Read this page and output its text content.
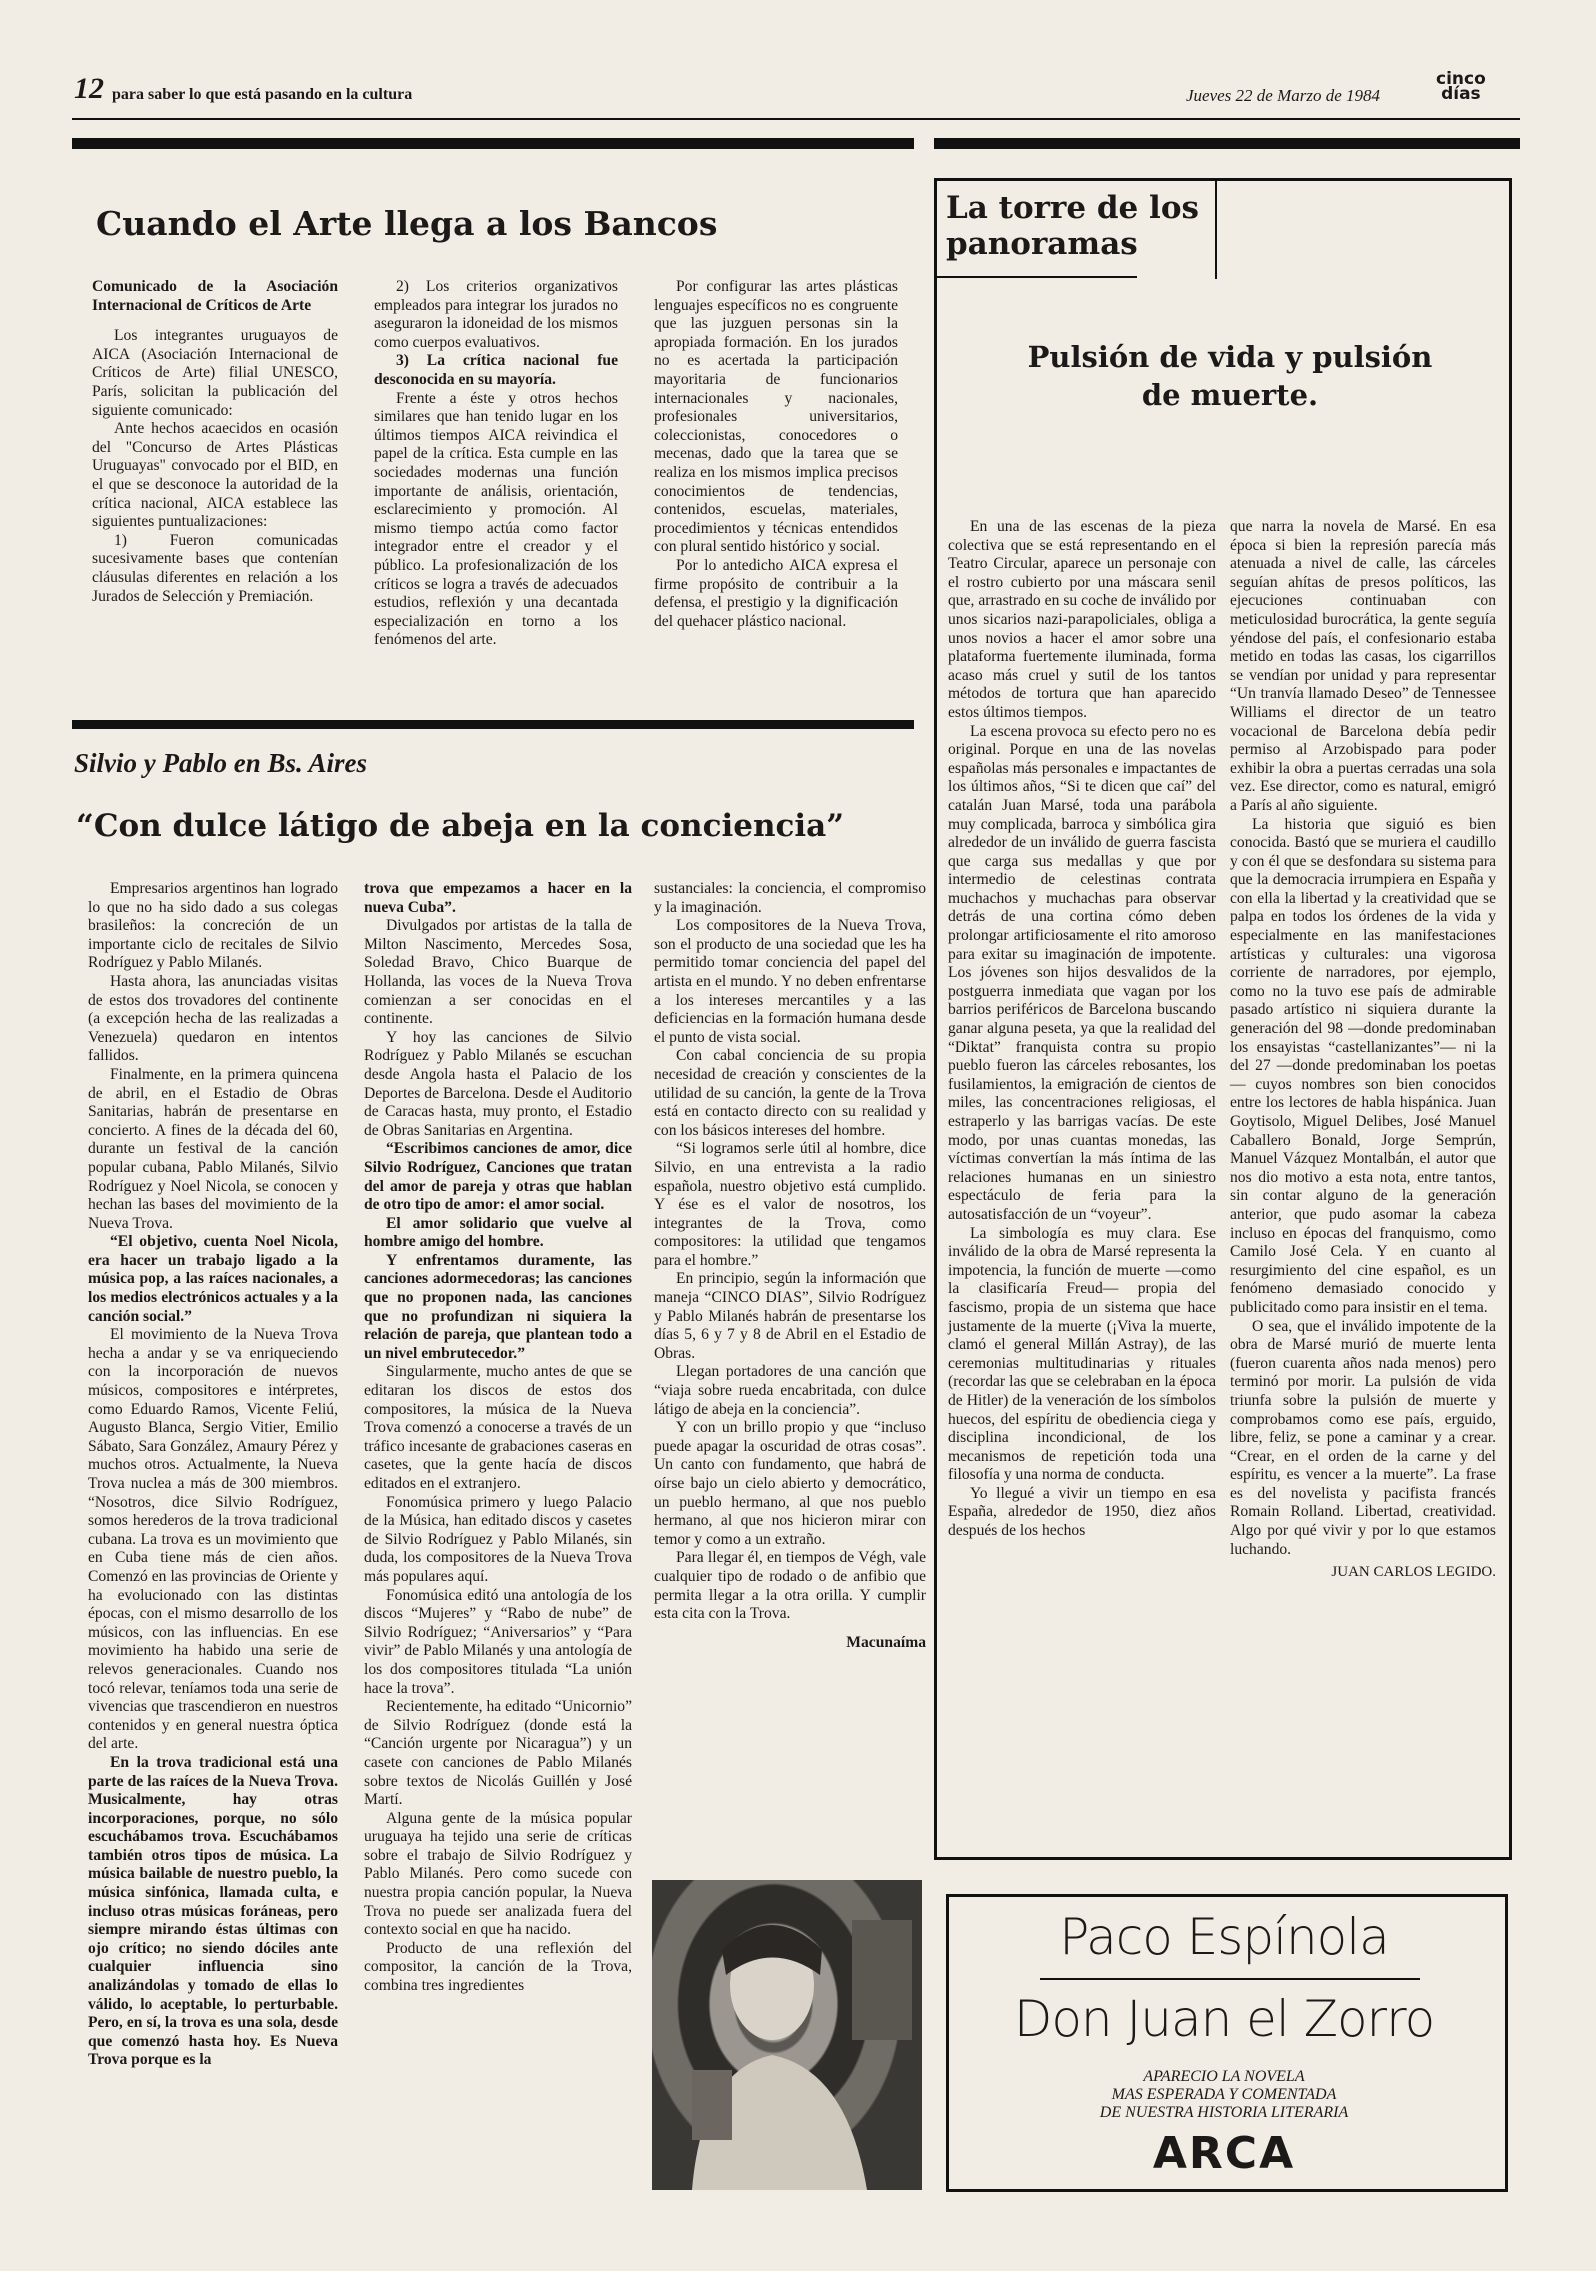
12 para saber lo que está pasando en la cultura	Jueves 22 de Marzo de 1984
cinco
días
Cuando el Arte llega a los Bancos

Comunicado de la Asociación Internacional de Críticos de Arte

Los integrantes uruguayos de AICA (Asociación Internacional de Críticos de Arte) filial UNESCO, París, solicitan la publicación del siguiente comunicado:

Ante hechos acaecidos en ocasión del "Concurso de Artes Plásticas Uruguayas" convocado por el BID, en el que se desconoce la autoridad de la crítica nacional, AICA establece las siguientes puntualizaciones:

1) Fueron comunicadas sucesivamente bases que contenían cláusulas diferentes en relación a los Jurados de Selección y Premiación.

2) Los criterios organizativos empleados para integrar los jurados no aseguraron la idoneidad de los mismos como cuerpos evaluativos.

3) La crítica nacional fue desconocida en su mayoría.

Frente a éste y otros hechos similares que han tenido lugar en los últimos tiempos AICA reivindica el papel de la crítica. Esta cumple en las sociedades modernas una función importante de análisis, orientación, esclarecimiento y promoción. Al mismo tiempo actúa como factor integrador entre el creador y el público. La profesionalización de los críticos se logra a través de adecuados estudios, reflexión y una decantada especialización en torno a los fenómenos del arte.

Por configurar las artes plásticas lenguajes específicos no es congruente que las juzguen personas sin la apropiada formación. En los jurados no es acertada la participación mayoritaria de funcionarios internacionales y nacionales, profesionales universitarios, coleccionistas, conocedores o mecenas, dado que la tarea que se realiza en los mismos implica precisos conocimientos de tendencias, contenidos, escuelas, materiales, procedimientos y técnicas entendidos con plural sentido histórico y social.

Por lo antedicho AICA expresa el firme propósito de contribuir a la defensa, el prestigio y la dignificación del quehacer plástico nacional.

Silvio y Pablo en Bs. Aires
“Con dulce látigo de abeja en la conciencia”

Empresarios argentinos han logrado lo que no ha sido dado a sus colegas brasileños: la concreción de un importante ciclo de recitales de Silvio Rodríguez y Pablo Milanés.

Hasta ahora, las anunciadas visitas de estos dos trovadores del continente (a excepción hecha de las realizadas a Venezuela) quedaron en intentos fallidos.

Finalmente, en la primera quincena de abril, en el Estadio de Obras Sanitarias, habrán de presentarse en concierto. A fines de la década del 60, durante un festival de la canción popular cubana, Pablo Milanés, Silvio Rodríguez y Noel Nicola, se conocen y hechan las bases del movimiento de la Nueva Trova.

“El objetivo, cuenta Noel Nicola, era hacer un trabajo ligado a la música pop, a las raíces nacionales, a los medios electrónicos actuales y a la canción social.”

El movimiento de la Nueva Trova hecha a andar y se va enriqueciendo con la incorporación de nuevos músicos, compositores e intérpretes, como Eduardo Ramos, Vicente Feliú, Augusto Blanca, Sergio Vitier, Emilio Sábato, Sara González, Amaury Pérez y muchos otros. Actualmente, la Nueva Trova nuclea a más de 300 miembros. “Nosotros, dice Silvio Rodríguez, somos herederos de la trova tradicional cubana. La trova es un movimiento que en Cuba tiene más de cien años. Comenzó en las provincias de Oriente y ha evolucionado con las distintas épocas, con el mismo desarrollo de los músicos, con las influencias. En ese movimiento ha habido una serie de relevos generacionales. Cuando nos tocó relevar, teníamos toda una serie de vivencias que trascendieron en nuestros contenidos y en general nuestra óptica del arte.

En la trova tradicional está una parte de las raíces de la Nueva Trova. Musicalmente, hay otras incorporaciones, porque, no sólo escuchábamos trova. Escuchábamos también otros tipos de música. La música bailable de nuestro pueblo, la música sinfónica, llamada culta, e incluso otras músicas foráneas, pero siempre mirando éstas últimas con ojo crítico; no siendo dóciles ante cualquier influencia sino analizándolas y tomado de ellas lo válido, lo aceptable, lo perturbable. Pero, en sí, la trova es una sola, desde que comenzó hasta hoy. Es Nueva Trova porque es la

trova que empezamos a hacer en la nueva Cuba”.

Divulgados por artistas de la talla de Milton Nascimento, Mercedes Sosa, Soledad Bravo, Chico Buarque de Hollanda, las voces de la Nueva Trova comienzan a ser conocidas en el continente.

Y hoy las canciones de Silvio Rodríguez y Pablo Milanés se escuchan desde Angola hasta el Palacio de los Deportes de Barcelona. Desde el Auditorio de Caracas hasta, muy pronto, el Estadio de Obras Sanitarias en Argentina.

“Escribimos canciones de amor, dice Silvio Rodríguez, Canciones que tratan del amor de pareja y otras que hablan de otro tipo de amor: el amor social.

El amor solidario que vuelve al hombre amigo del hombre.

Y enfrentamos duramente, las canciones adormecedoras; las canciones que no proponen nada, las canciones que no profundizan ni siquiera la relación de pareja, que plantean todo a un nivel embrutecedor.”

Singularmente, mucho antes de que se editaran los discos de estos dos compositores, la música de la Nueva Trova comenzó a conocerse a través de un tráfico incesante de grabaciones caseras en casetes, que la gente hacía de discos editados en el extranjero.

Fonomúsica primero y luego Palacio de la Música, han editado discos y casetes de Silvio Rodríguez y Pablo Milanés, sin duda, los compositores de la Nueva Trova más populares aquí.

Fonomúsica editó una antología de los discos “Mujeres” y “Rabo de nube” de Silvio Rodríguez; “Aniversarios” y “Para vivir” de Pablo Milanés y una antología de los dos compositores titulada “La unión hace la trova”.

Recientemente, ha editado “Unicornio” de Silvio Rodríguez (donde está la “Canción urgente por Nicaragua”) y un casete con canciones de Pablo Milanés sobre textos de Nicolás Guillén y José Martí.

Alguna gente de la música popular uruguaya ha tejido una serie de críticas sobre el trabajo de Silvio Rodríguez y Pablo Milanés. Pero como sucede con nuestra propia canción popular, la Nueva Trova no puede ser analizada fuera del contexto social en que ha nacido.

Producto de una reflexión del compositor, la canción de la Trova, combina tres ingredientes

sustanciales: la conciencia, el compromiso y la imaginación.

Los compositores de la Nueva Trova, son el producto de una sociedad que les ha permitido tomar conciencia del papel del artista en el mundo. Y no deben enfrentarse a los intereses mercantiles y a las deficiencias en la formación humana desde el punto de vista social.

Con cabal conciencia de su propia necesidad de creación y conscientes de la utilidad de su canción, la gente de la Trova está en contacto directo con su realidad y con los básicos intereses del hombre.

“Si logramos serle útil al hombre, dice Silvio, en una entrevista a la radio española, nuestro objetivo está cumplido. Y ése es el valor de nosotros, los integrantes de la Trova, como compositores: la utilidad que tengamos para el hombre.”

En principio, según la información que maneja “CINCO DIAS”, Silvio Rodríguez y Pablo Milanés habrán de presentarse los días 5, 6 y 7 y 8 de Abril en el Estadio de Obras.

Llegan portadores de una canción que “viaja sobre rueda encabritada, con dulce látigo de abeja en la conciencia”.

Y con un brillo propio y que “incluso puede apagar la oscuridad de otras cosas”. Un canto con fundamento, que habrá de oírse bajo un cielo abierto y democrático, un pueblo hermano, al que nos pueblo hermano, al que nos hicieron mirar con temor y como a un extraño.

Para llegar él, en tiempos de Végh, vale cualquier tipo de rodado o de anfibio que permita llegar a la otra orilla. Y cumplir esta cita con la Trova.

Macunaíma
La torre de los
panoramas
Pulsión de vida y pulsión
de muerte.

En una de las escenas de la pieza colectiva que se está representando en el Teatro Circular, aparece un personaje con el rostro cubierto por una máscara senil que, arrastrado en su coche de inválido por unos sicarios nazi-parapoliciales, obliga a unos novios a hacer el amor sobre una plataforma fuertemente iluminada, forma acaso más cruel y sutil de los tantos métodos de tortura que han aparecido estos últimos tiempos.

La escena provoca su efecto pero no es original. Porque en una de las novelas españolas más personales e impactantes de los últimos años, “Si te dicen que caí” del catalán Juan Marsé, toda una parábola muy complicada, barroca y simbólica gira alrededor de un inválido de guerra fascista que carga sus medallas y que por intermedio de celestinas contrata muchachos y muchachas para observar detrás de una cortina cómo deben prolongar artificiosamente el rito amoroso para exitar su imaginación de impotente. Los jóvenes son hijos desvalidos de la postguerra inmediata que vagan por los barrios periféricos de Barcelona buscando ganar alguna peseta, ya que la realidad del “Diktat” franquista contra su propio pueblo fueron las cárceles rebosantes, los fusilamientos, la emigración de cientos de miles, las concentraciones religiosas, el estraperlo y las barrigas vacías. De este modo, por unas cuantas monedas, las víctimas convertían la más íntima de las relaciones humanas en un siniestro espectáculo de feria para la autosatisfacción de un “voyeur”.

La simbología es muy clara. Ese inválido de la obra de Marsé representa la impotencia, la función de muerte —como la clasificaría Freud— propia del fascismo, propia de un sistema que hace justamente de la muerte (¡Viva la muerte, clamó el general Millán Astray), de las ceremonias multitudinarias y rituales (recordar las que se celebraban en la época de Hitler) de la veneración de los símbolos huecos, del espíritu de obediencia ciega y disciplina incondicional, de los mecanismos de repetición toda una filosofía y una norma de conducta.

Yo llegué a vivir un tiempo en esa España, alrededor de 1950, diez años después de los hechos

que narra la novela de Marsé. En esa época si bien la represión parecía más atenuada a nivel de calle, las cárceles seguían ahítas de presos políticos, las ejecuciones continuaban con meticulosidad burocrática, la gente seguía yéndose del país, el confesionario estaba metido en todas las casas, los cigarrillos se vendían por unidad y para representar “Un tranvía llamado Deseo” de Tennessee Williams el director de un teatro vocacional de Barcelona debía pedir permiso al Arzobispado para poder exhibir la obra a puertas cerradas una sola vez. Ese director, como es natural, emigró a París al año siguiente.

La historia que siguió es bien conocida. Bastó que se muriera el caudillo y con él que se desfondara su sistema para que la democracia irrumpiera en España y con ella la libertad y la creatividad que se palpa en todos los órdenes de la vida y especialmente en las manifestaciones artísticas y culturales: una vigorosa corriente de narradores, por ejemplo, como no la tuvo ese país de admirable pasado artístico ni siquiera durante la generación del 98 —donde predominaban los ensayistas “castellanizantes”— ni la del 27 —donde predominaban los poetas— cuyos nombres son bien conocidos entre los lectores de habla hispánica. Juan Goytisolo, Miguel Delibes, José Manuel Caballero Bonald, Jorge Semprún, Manuel Vázquez Montalbán, el autor que nos dio motivo a esta nota, entre tantos, sin contar alguno de la generación anterior, que pudo asomar la cabeza incluso en épocas del franquismo, como Camilo José Cela. Y en cuanto al resurgimiento del cine español, es un fenómeno demasiado conocido y publicitado como para insistir en el tema.

O sea, que el inválido impotente de la obra de Marsé murió de muerte lenta (fueron cuarenta años nada menos) pero terminó por morir. La pulsión de vida triunfa sobre la pulsión de muerte y comprobamos como ese país, erguido, libre, feliz, se pone a caminar y a crear. “Crear, en el orden de la carne y del espíritu, es vencer a la muerte”. La frase es del novelista y pacifista francés Romain Rolland. Libertad, creatividad. Algo por qué vivir y por lo que estamos luchando.

JUAN CARLOS LEGIDO.
Paco Espínola
Don Juan el Zorro
APARECIO LA NOVELA
MAS ESPERADA Y COMENTADA
DE NUESTRA HISTORIA LITERARIA
ARCA
